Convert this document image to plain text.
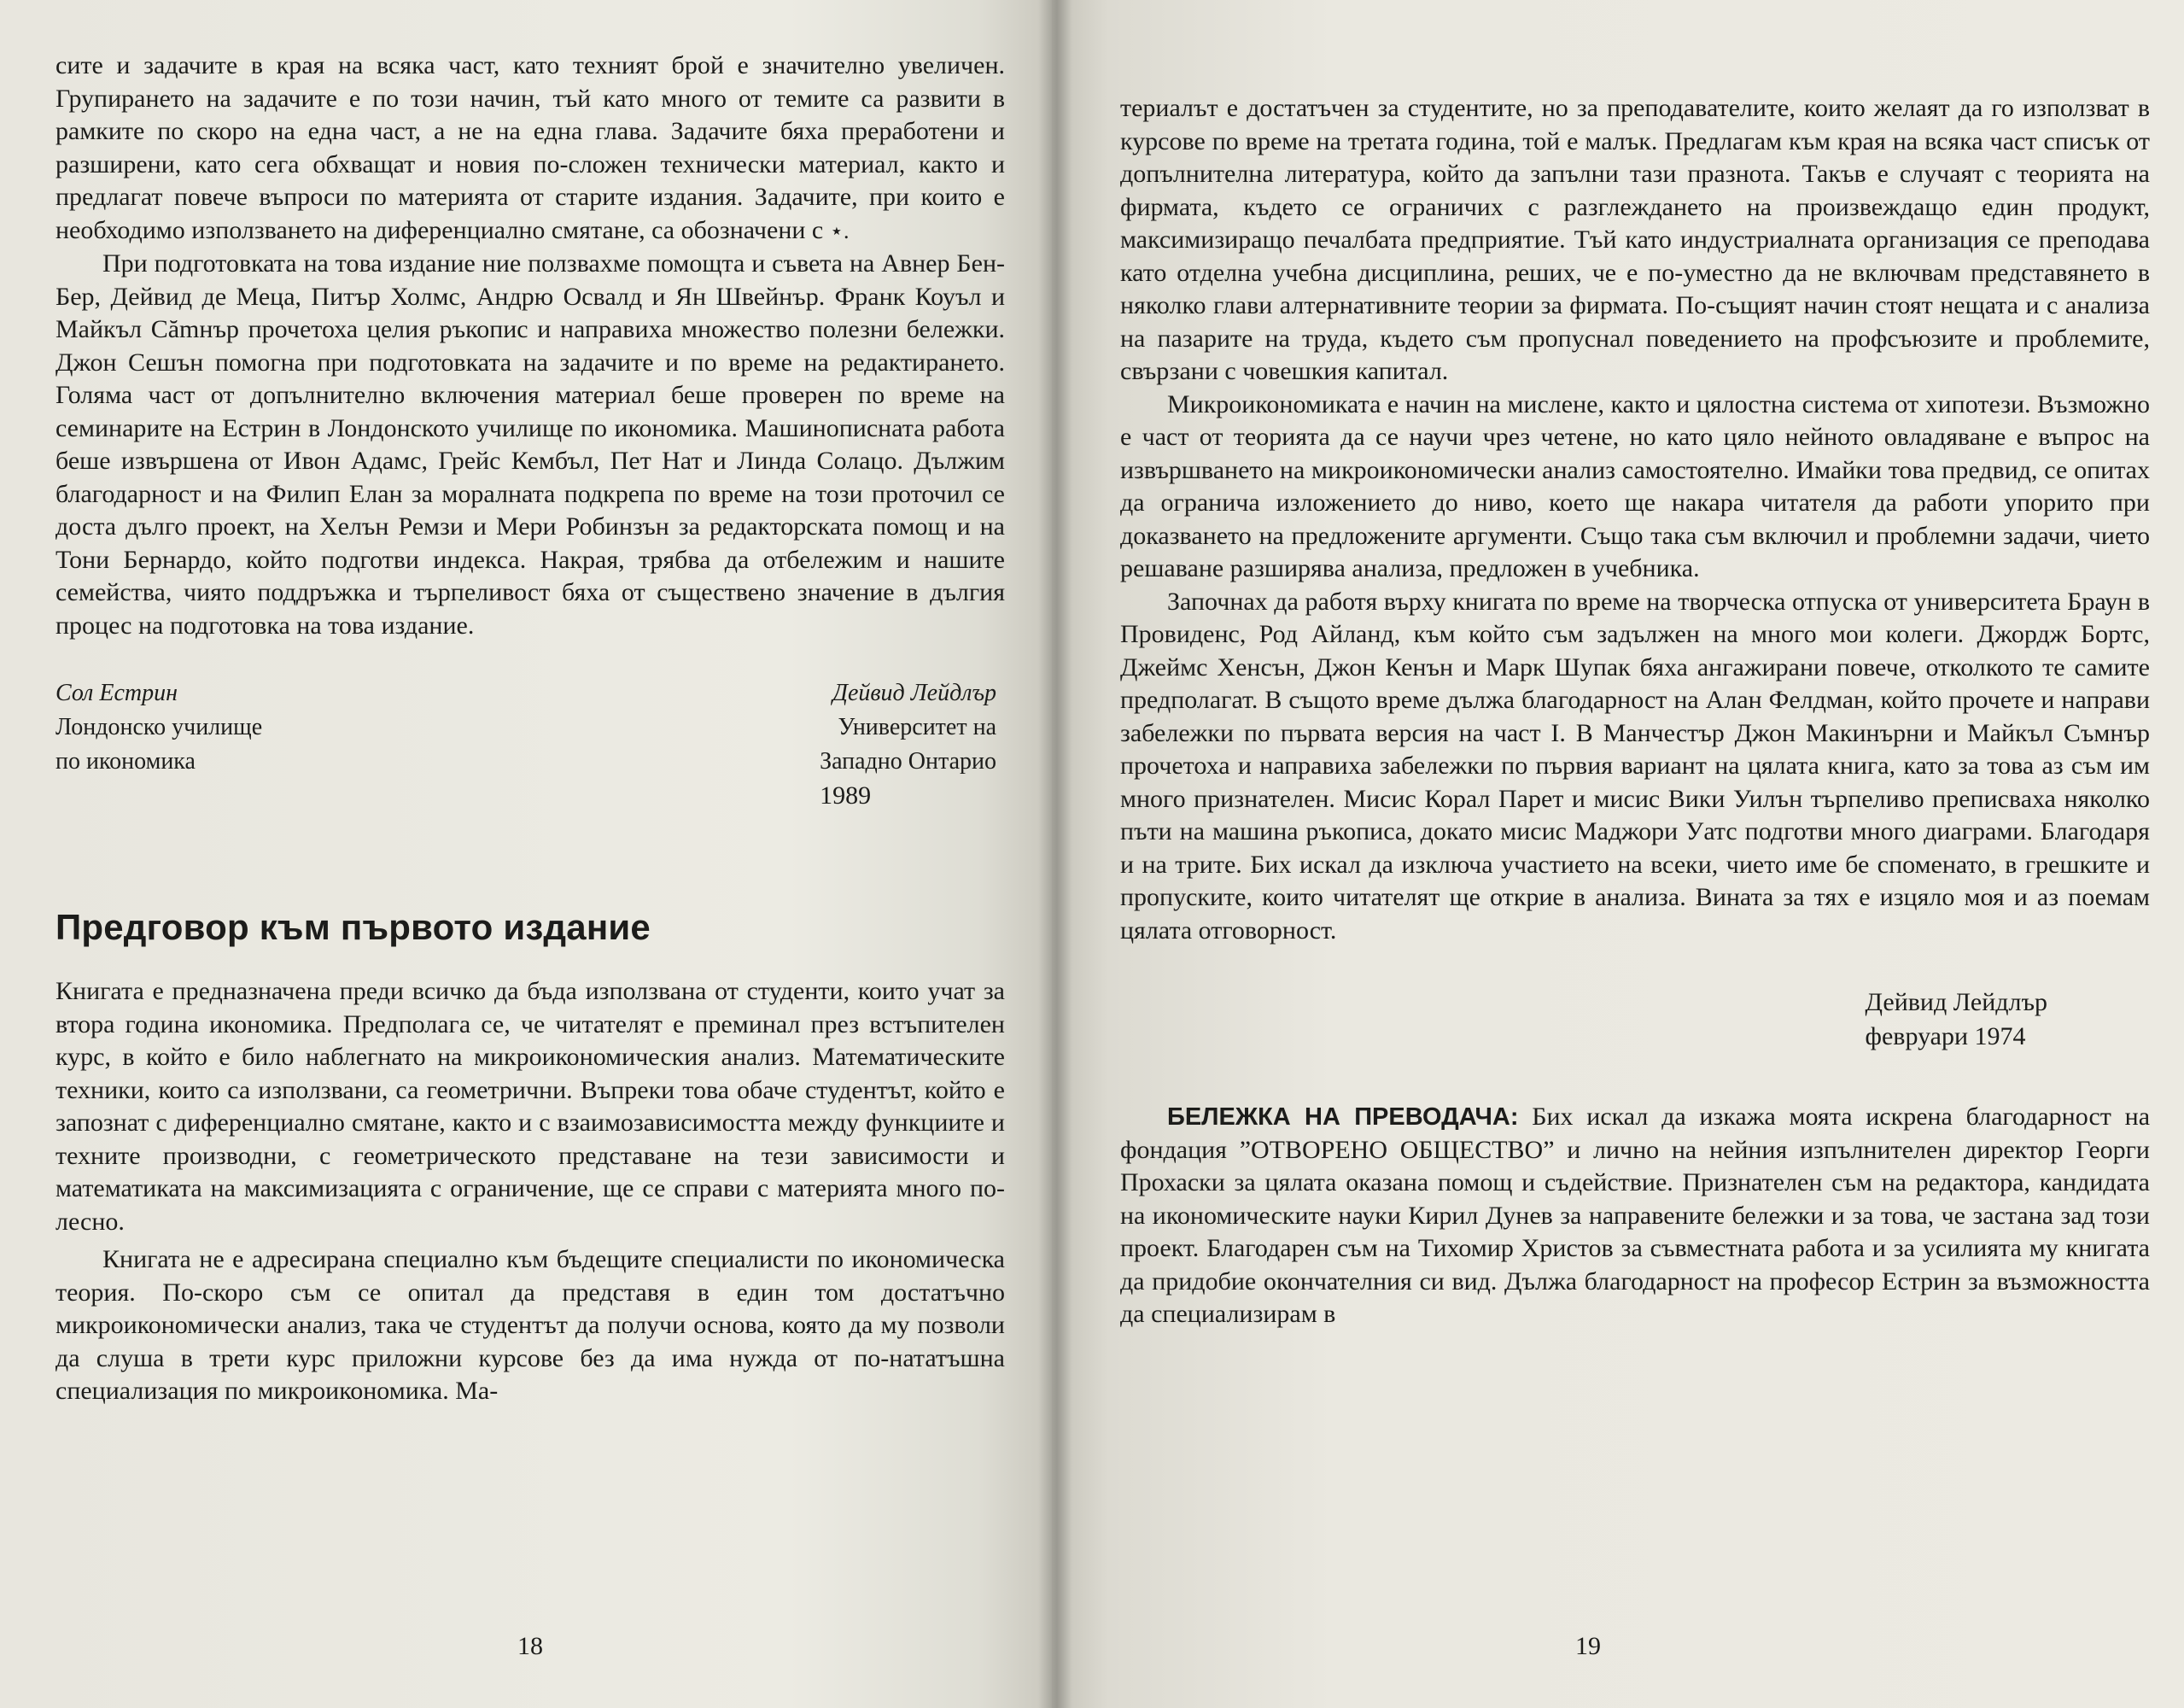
сите и задачите в края на всяка част, като техният брой е значително увеличен. Групирането на задачите е по този начин, тъй като много от темите са развити в рамките по скоро на една част, а не на една глава. Задачите бяха преработени и разширени, като сега обхващат и новия по-сложен технически материал, както и предлагат повече въпроси по материята от старите издания. Задачите, при които е необходимо използването на диференциално смятане, са обозначени с ⋆.

При подготовката на това издание ние ползвахме помощта и съвета на Авнер Бен-Бер, Дейвид де Меца, Питър Холмс, Андрю Освалд и Ян Швейнър. Франк Коуъл и Майкъл Сămнър прочетоха целия ръкопис и направиха множество полезни бележки. Джон Сешън помогна при подготовката на задачите и по време на редактирането. Голяма част от допълнително включения материал беше проверен по време на семинарите на Естрин в Лондонското училище по икономика. Машинописната работа беше извършена от Ивон Адамс, Грейс Кембъл, Пет Нат и Линда Солацо. Дължим благодарност и на Филип Елан за моралната подкрепа по време на този проточил се доста дълго проект, на Хелън Ремзи и Мери Робинзън за редакторската помощ и на Тони Бернардо, който подготви индекса. Накрая, трябва да отбележим и нашите семейства, чиято поддръжка и търпеливост бяха от съществено значение в дългия процес на подготовка на това издание.

Сол Естрин
Лондонско училище
по икономика
Дейвид Лейдлър
Университет на
Западно Онтарио
1989
Предговор към първото издание

Книгата е предназначена преди всичко да бъда използвана от студенти, които учат за втора година икономика. Предполага се, че читателят е преминал през встъпителен курс, в който е било наблегнато на микроикономическия анализ. Математическите техники, които са използвани, са геометрични. Въпреки това обаче студентът, който е запознат с диференциално смятане, както и с взаимозависимостта между функциите и техните производни, с геометрическото представане на тези зависимости и математиката на максимизацията с ограничение, ще се справи с материята много по-лесно.

Книгата не е адресирана специално към бъдещите специалисти по икономическа теория. По-скоро съм се опитал да представя в един том достатъчно микроикономически анализ, така че студентът да получи основа, която да му позволи да слуша в трети курс приложни курсове без да има нужда от по-нататъшна специализация по микроикономика. Ма-

18

териалът е достатъчен за студентите, но за преподавателите, които желаят да го използват в курсове по време на третата година, той е малък. Предлагам към края на всяка част списък от допълнителна литература, който да запълни тази празнота. Такъв е случаят с теорията на фирмата, където се ограничих с разглеждането на произвеждащо един продукт, максимизиращо печалбата предприятие. Тъй като индустриалната организация се преподава като отделна учебна дисциплина, реших, че е по-уместно да не включвам представянето в няколко глави алтернативните теории за фирмата. По-същият начин стоят нещата и с анализа на пазарите на труда, където съм пропуснал поведението на профсъюзите и проблемите, свързани с човешкия капитал.

Микроикономиката е начин на мислене, както и цялостна система от хипотези. Възможно е част от теорията да се научи чрез четене, но като цяло нейното овладяване е въпрос на извършването на микроикономически анализ самостоятелно. Имайки това предвид, се опитах да ограничa изложението до ниво, което ще накара читателя да работи упорито при доказването на предложените аргументи. Също така съм включил и проблемни задачи, чието решаване разширява анализа, предложен в учебника.

Започнах да работя върху книгата по време на творческа отпуска от университета Браун в Провиденс, Род Айланд, към който съм задължен на много мои колеги. Джордж Бортс, Джеймс Хенсън, Джон Кенън и Марк Шупак бяха ангажирани повече, отколкото те самите предполагат. В същото време дължа благодарност на Алан Фелдман, който прочете и направи забележки по първата версия на част I. В Манчестър Джон Макинърни и Майкъл Съмнър прочетоха и направиха забележки по първия вариант на цялата книга, като за това аз съм им много признателен. Мисис Корал Парет и мисис Вики Уилън търпеливо преписваха няколко пъти на машина ръкописа, докато мисис Маджори Уатс подготви много диаграми. Благодаря и на трите. Бих искал да изключа участието на всеки, чието име бе споменато, в грешките и пропуските, които читателят ще открие в анализа. Вината за тях е изцяло моя и аз поемам цялата отговорност.

Дейвид Лейдлър
февруари 1974

БЕЛЕЖКА НА ПРЕВОДАЧА: Бих искал да изкажа моята искрена благодарност на фондация ”ОТВОРЕНО ОБЩЕСТВО” и лично на нейния изпълнителен директор Георги Прохаски за цялата оказана помощ и съдействие. Признателен съм на редактора, кандидата на икономическите науки Кирил Дунев за направените бележки и за това, че застана зад този проект. Благодарен съм на Тихомир Христов за съвместната работа и за усилията му книгата да придобие окончателния си вид. Дължа благодарност на професор Естрин за възможността да специализирам в

19
